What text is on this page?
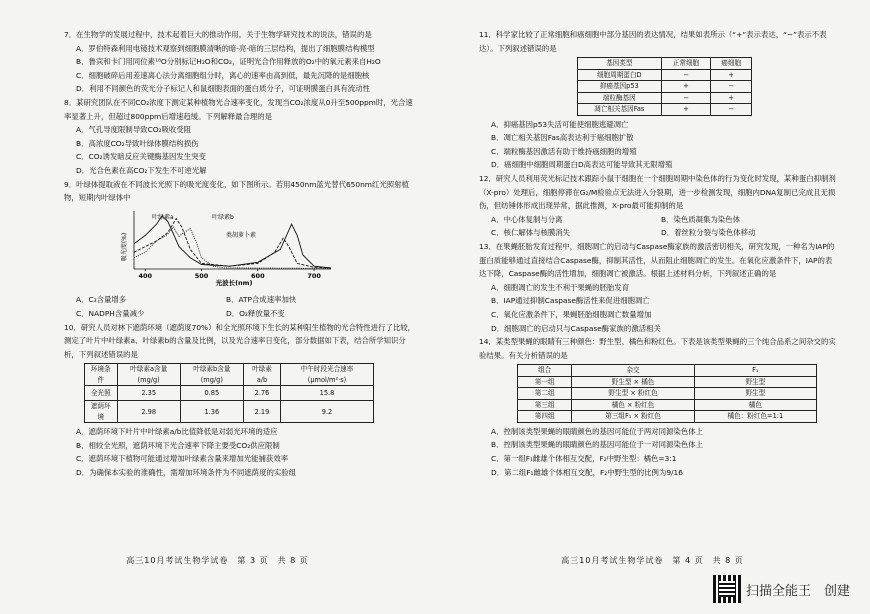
7．在生物学的发展过程中，技术起着巨大的推动作用。关于生物学研究技术的说法，错误的是
A．罗伯特森利用电镜技术观察到细胞膜清晰的暗-亮-暗的三层结构，提出了细胞膜结构模型
B．鲁宾和卡门用同位素¹⁸O分别标记H₂O和CO₂，证明光合作用释放的O₂中的氧元素来自H₂O
C．细胞破碎后用差速离心法分离细胞组分时，离心的速率由高到低，最先沉降的是细胞核
D．利用不同颜色的荧光分子标记人和鼠细胞表面的蛋白质分子，可证明膜蛋白具有流动性
8．某研究团队在不同CO₂浓度下测定某种植物光合速率变化，发现当CO₂浓度从0升至500ppm时，光合速率显著上升，但超过800ppm后增速趋缓。下列解释最合理的是
A．气孔导度限制导致CO₂吸收受阻
B．高浓度CO₂导致叶绿体膜结构损伤
C．CO₂诱发暗反应关键酶基因发生突变
D．光合色素在高CO₂下发生不可逆光解
9．叶绿体提取液在不同波长光照下的吸光度变化，如下图所示。若用450nm蓝光替代650nm红光照射植物，短期内叶绿体中
吸光度(%)
400	500	600	700
光波长(nm)
叶绿素a	叶绿素b
类胡萝卜素
A．C₃含量增多	B．ATP合成速率加快
C．NADPH含量减少	D．O₂释放量不变
10．研究人员对林下遮荫环境（遮荫度70%）和全光照环境下生长的某种阳生植物的光合特性进行了比较，测定了叶片中叶绿素a、叶绿素b的含量及比例，以及光合速率日变化，部分数据如下表，结合所学知识分析，下列叙述错误的是
环境条件	叶绿素a含量(mg/g)	叶绿素b含量(mg/g)	叶绿素a/b	中午时段光合速率(μmol/m²·s)
全光照	2.35	0.85	2.76	15.8
遮荫环境	2.98	1.36	2.19	9.2
A．遮荫环境下叶片中叶绿素a/b比值降低是对弱光环境的适应
B．相较全光照，遮荫环境下光合速率下降主要受CO₂供应限制
C．遮荫环境下植物可能通过增加叶绿素含量来增加光能捕获效率
D．为确保本实验的准确性，需增加环境条件为不同遮荫度的实验组
高三10月考试生物学试卷　第 3 页　共 8 页
11．科学家比较了正常细胞和癌细胞中部分基因的表达情况，结果如表所示（“+”表示表达，“−”表示不表达）。下列叙述错误的是
基因类型	正常细胞	癌细胞
细胞周期蛋白D	−	+
抑癌基因p53	+	−
端粒酶基因	−	+
凋亡相关基因Fas	+	−
A．抑癌基因p53失活可能使细胞逃避凋亡
B．凋亡相关基因Fas高表达利于癌细胞扩散
C．端粒酶基因激活有助于维持癌细胞的增殖
D．癌细胞中细胞周期蛋白D高表达可能导致其无限增殖
12．研究人员利用荧光标记技术跟踪小鼠干细胞在一个细胞周期中染色体的行为变化时发现，某种蛋白抑制剂（X-pro）处理后，细胞停滞在G₂/M检验点无法进入分裂期，进一步检测发现，细胞内DNA复制已完成且无损伤，但纺锤体形成出现异常，据此推测，X-pro最可能抑制的是
A．中心体复制与分离	B．染色质凝集为染色体
C．核仁解体与核膜消失	D．着丝粒分裂与染色体移动
13．在果蝇胚胎发育过程中，细胞凋亡的启动与Caspase酶家族的激活密切相关，研究发现，一种名为IAP的蛋白质能够通过直接结合Caspase酶，抑制其活性，从而阻止细胞凋亡的发生。在氧化应激条件下，IAP的表达下降，Caspase酶的活性增加，细胞凋亡被激活。根据上述材料分析，下列叙述正确的是
A．细胞凋亡的发生不利于果蝇的胚胎发育
B．IAP通过抑制Caspase酶活性来促进细胞凋亡
C．氧化应激条件下，果蝇胚胎细胞凋亡数量增加
D．细胞凋亡的启动只与Caspase酶家族的激活相关
14．某类型果蝇的眼睛有三种颜色：野生型、橘色和粉红色。下表是该类型果蝇的三个纯合品系之间杂交的实验结果。有关分析错误的是
组合	杂交	F₁
第一组	野生型 × 橘色	野生型
第二组	野生型 × 粉红色	野生型
第三组	橘色 × 粉红色	橘色
第四组	第三组F₁ × 粉红色	橘色：粉红色=1:1
A．控制该类型果蝇的眼睛颜色的基因可能位于两对同源染色体上
B．控制该类型果蝇的眼睛颜色的基因可能位于一对同源染色体上
C．第一组F₁雌雄个体相互交配，F₂中野生型：橘色=3:1
D．第二组F₁雌雄个体相互交配，F₂中野生型的比例为9/16
高三10月考试生物学试卷　第 4 页　共 8 页
扫描全能王　创建
